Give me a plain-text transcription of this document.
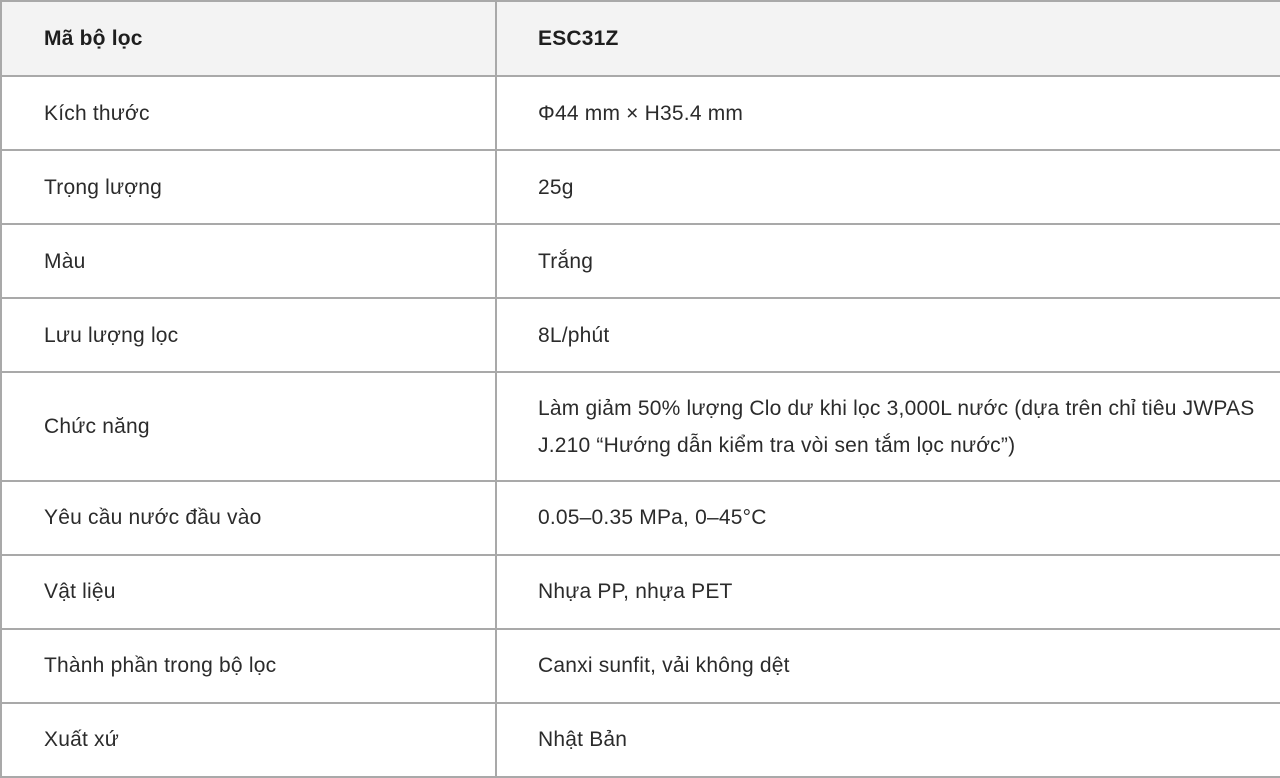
Mã bộ lọc	ESC31Z
Kích thước	Φ44 mm × H35.4 mm
Trọng lượng	25g
Màu	Trắng
Lưu lượng lọc	8L/phút
Chức năng	Làm giảm 50% lượng Clo dư khi lọc 3,000L nước (dựa trên chỉ tiêu JWPAS J.210 “Hướng dẫn kiểm tra vòi sen tắm lọc nước”)
Yêu cầu nước đầu vào	0.05–0.35 MPa, 0–45°C
Vật liệu	Nhựa PP, nhựa PET
Thành phần trong bộ lọc	Canxi sunfit, vải không dệt
Xuất xứ	Nhật Bản
